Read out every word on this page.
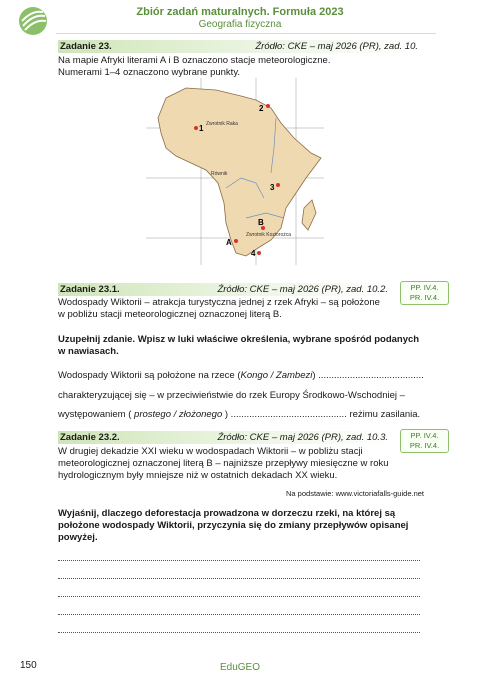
Zbiór zadań maturalnych. Formuła 2023
Geografia fizyczna
Zadanie 23.	Źródło: CKE – maj 2026 (PR), zad. 10.
Na mapie Afryki literami A i B oznaczono stacje meteorologiczne.
Numerami 1–4 oznaczono wybrane punkty.
Zwrotnik Raka
Równik
Zwrotnik Koziorożca
1
2
3
4
A
B
Zadanie 23.1.	Źródło: CKE – maj 2026 (PR), zad. 10.2.	PP. IV.4.
PR. IV.4.
Wodospady Wiktorii – atrakcja turystyczna jednej z rzek Afryki – są położone
w pobliżu stacji meteorologicznej oznaczonej literą B.
Uzupełnij zdanie. Wpisz w luki właściwe określenia, wybrane spośród podanych
w nawiasach.
Wodospady Wiktorii są położone na rzece (Kongo / Zambezi) ........................................
charakteryzującej się – w przeciwieństwie do rzek Europy Środkowo-Wschodniej –
występowaniem ( prostego / złożonego ) ............................................ reżimu zasilania.
Zadanie 23.2.	Źródło: CKE – maj 2026 (PR), zad. 10.3.	PP. IV.4.
PR. IV.4.
W drugiej dekadzie XXI wieku w wodospadach Wiktorii – w pobliżu stacji
meteorologicznej oznaczonej literą B – najniższe przepływy miesięczne w roku
hydrologicznym były mniejsze niż w ostatnich dekadach XX wieku.
Na podstawie: www.victoriafalls-guide.net
Wyjaśnij, dlaczego deforestacja prowadzona w dorzeczu rzeki, na której są
położone wodospady Wiktorii, przyczynia się do zmiany przepływów opisanej
powyżej.
150	EduGEO
